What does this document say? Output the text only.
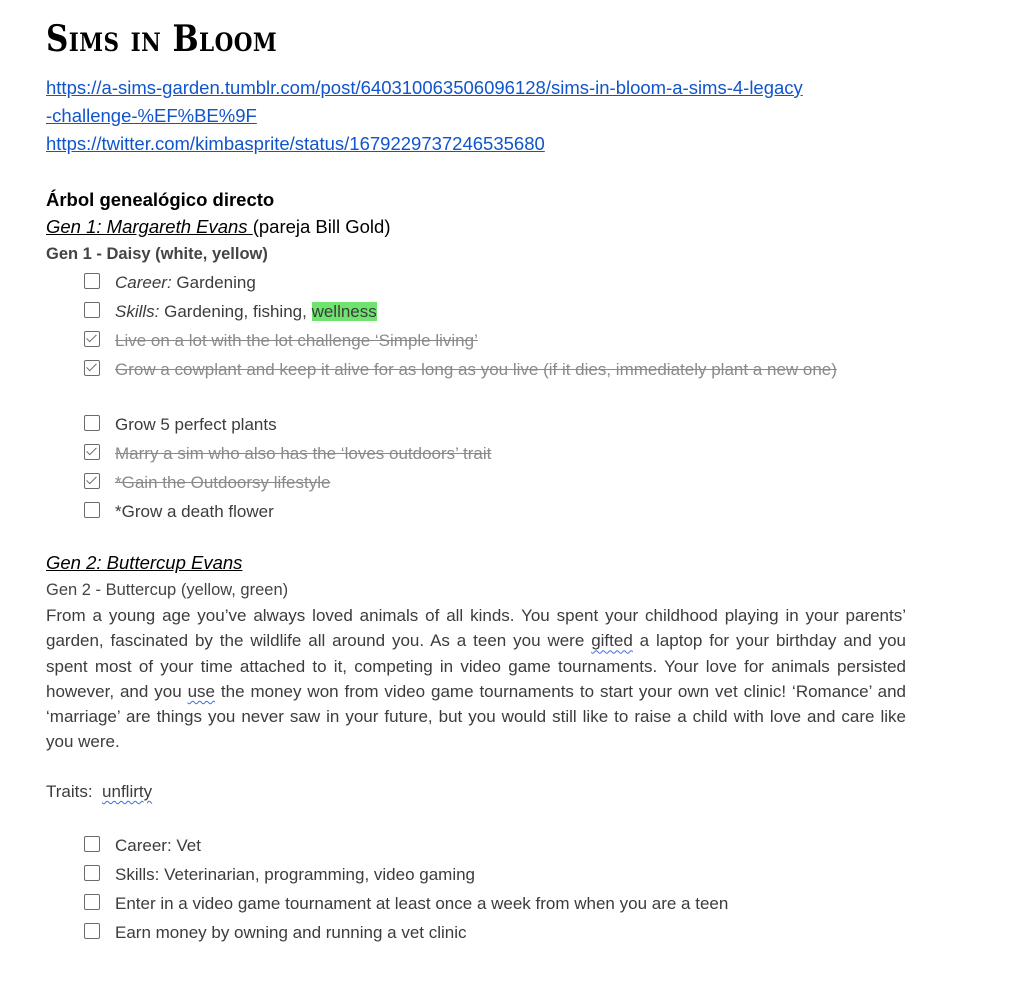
Sims in Bloom
https://a-sims-garden.tumblr.com/post/640310063506096128/sims-in-bloom-a-sims-4-legacy
-challenge-%EF%BE%9F
https://twitter.com/kimbasprite/status/1679229737246535680
Árbol genealógico directo
Gen 1: Margareth Evans (pareja Bill Gold)
Gen 1 - Daisy (white, yellow)
Career: Gardening
Skills: Gardening, fishing, wellness
Live on a lot with the lot challenge ‘Simple living’
Grow a cowplant and keep it alive for as long as you live (if it dies, immediately plant a new one)
Grow 5 perfect plants
Marry a sim who also has the ‘loves outdoors’ trait
*Gain the Outdoorsy lifestyle
*Grow a death flower
Gen 2: Buttercup Evans
Gen 2 - Buttercup (yellow, green)
From a young age you’ve always loved animals of all kinds. You spent your childhood playing in your parents’ garden, fascinated by the wildlife all around you. As a teen you were gifted a laptop for your birthday and you spent most of your time attached to it, competing in video game tournaments. Your love for animals persisted however, and you use the money won from video game tournaments to start your own vet clinic! ‘Romance’ and ‘marriage’ are things you never saw in your future, but you would still like to raise a child with love and care like you were.
Traits:  unflirty
Career: Vet
Skills: Veterinarian, programming, video gaming
Enter in a video game tournament at least once a week from when you are a teen
Earn money by owning and running a vet clinic
